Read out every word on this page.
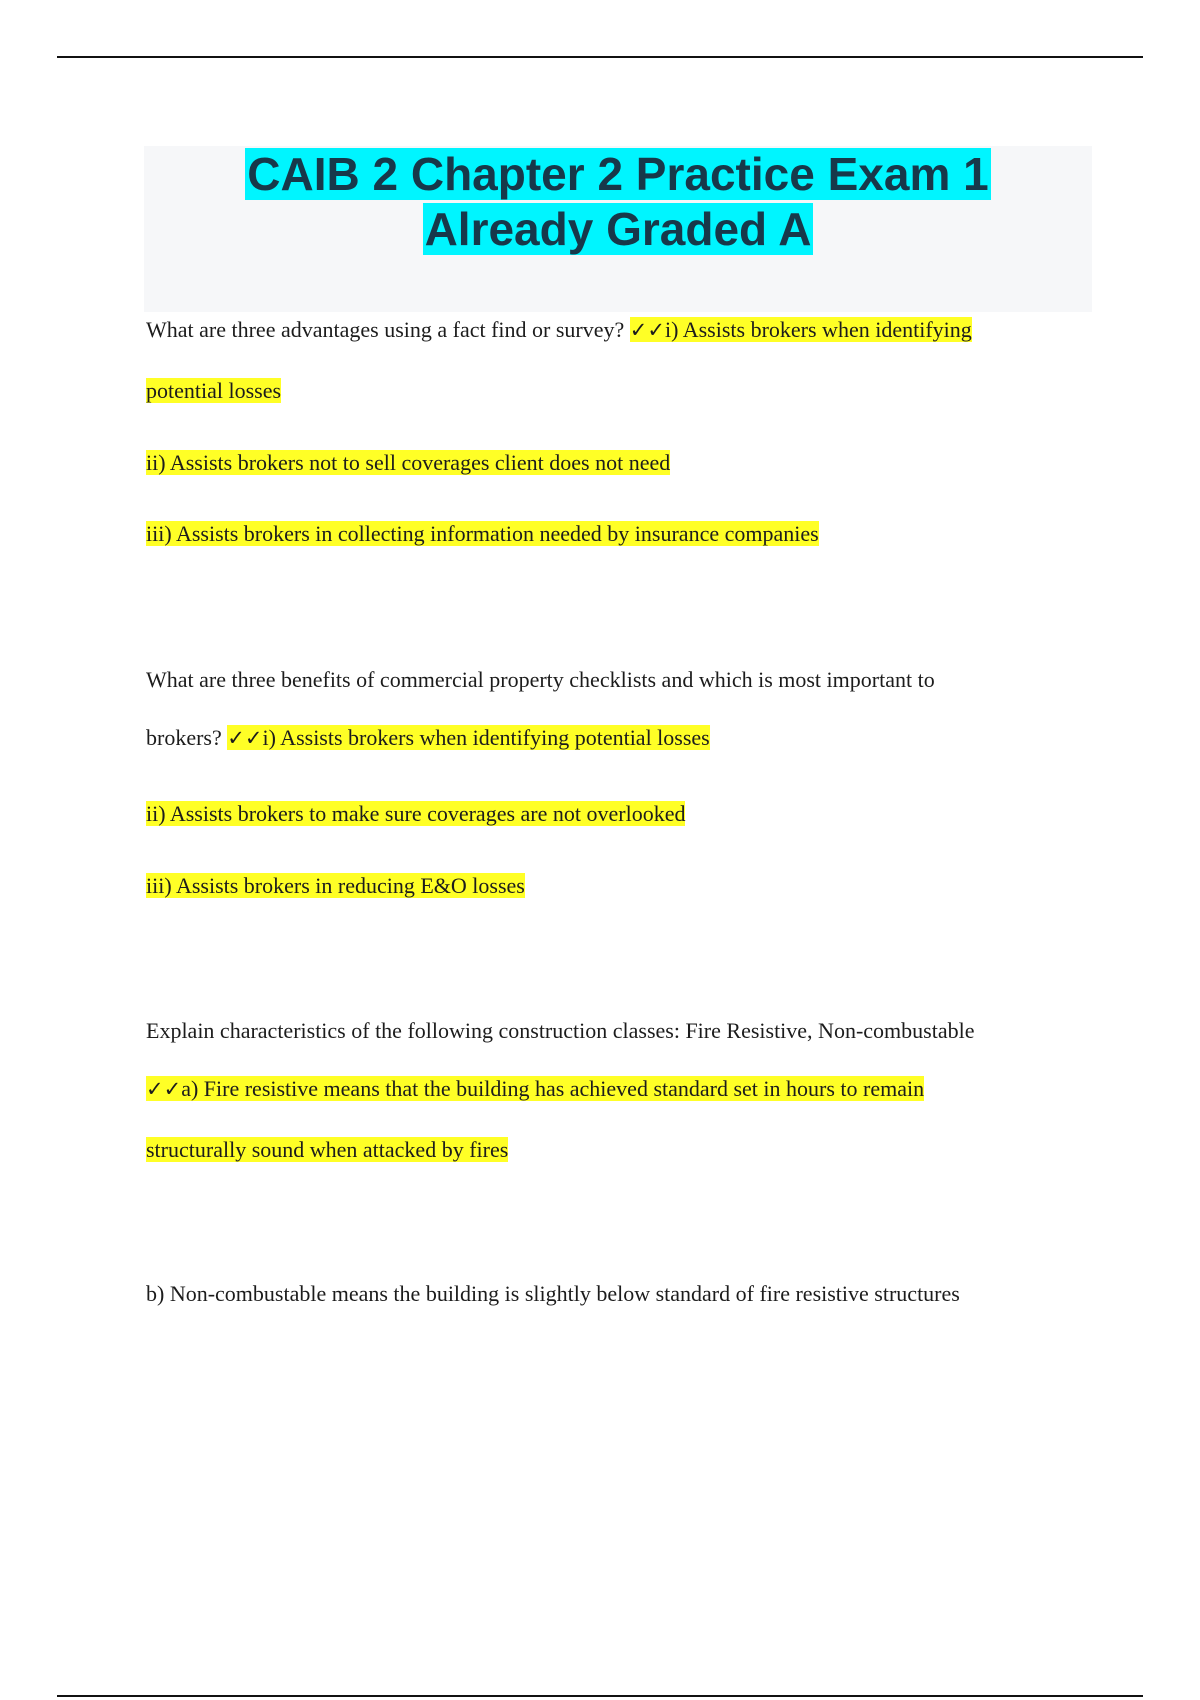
CAIB 2 Chapter 2 Practice Exam 1
Already Graded A
What are three advantages using a fact find or survey? ✓✓i) Assists brokers when identifying
potential losses
ii) Assists brokers not to sell coverages client does not need
iii) Assists brokers in collecting information needed by insurance companies
What are three benefits of commercial property checklists and which is most important to
brokers? ✓✓i) Assists brokers when identifying potential losses
ii) Assists brokers to make sure coverages are not overlooked
iii) Assists brokers in reducing E&O losses
Explain characteristics of the following construction classes: Fire Resistive, Non-combustable
✓✓a) Fire resistive means that the building has achieved standard set in hours to remain
structurally sound when attacked by fires
b) Non-combustable means the building is slightly below standard of fire resistive structures
